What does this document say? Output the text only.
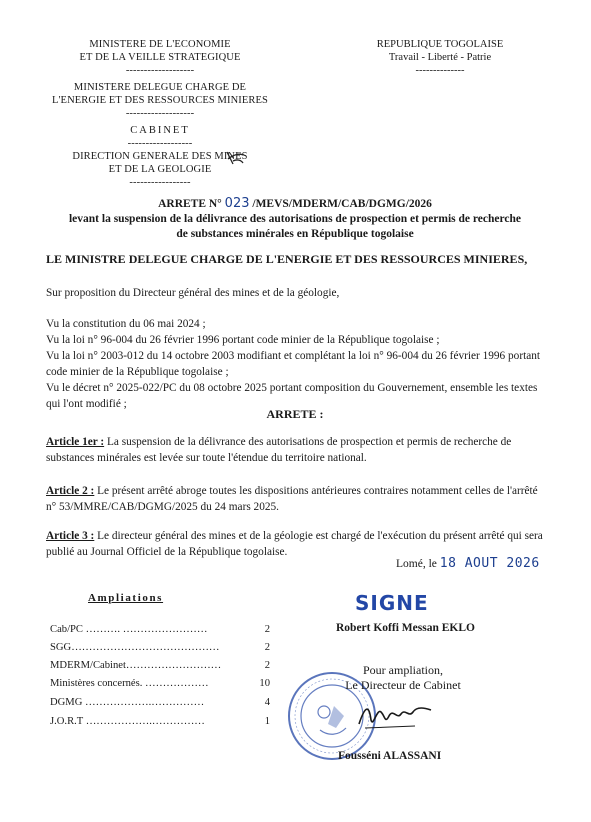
MINISTERE DE L'ECONOMIE
ET DE LA VEILLE STRATEGIQUE
-------------------
MINISTERE DELEGUE CHARGE DE
L'ENERGIE ET DES RESSOURCES MINIERES
-------------------
CABINET
------------------
DIRECTION GENERALE DES MINES
ET DE LA GEOLOGIE
-----------------
REPUBLIQUE TOGOLAISE
Travail - Liberté - Patrie
--------------
ARRETE N° 023 /MEVS/MDERM/CAB/DGMG/2026
levant la suspension de la délivrance des autorisations de prospection et permis de recherche
de substances minérales en République togolaise
LE MINISTRE DELEGUE CHARGE DE L'ENERGIE ET DES RESSOURCES MINIERES,

Sur proposition du Directeur général des mines et de la géologie,

Vu la constitution du 06 mai 2024 ;

Vu la loi n° 96-004 du 26 février 1996 portant code minier de la République togolaise ;

Vu la loi n° 2003-012 du 14 octobre 2003 modifiant et complétant la loi n° 96-004 du 26 février 1996 portant code minier de la République togolaise ;

Vu le décret n° 2025-022/PC du 08 octobre 2025 portant composition du Gouvernement, ensemble les textes qui l'ont modifié ;

ARRETE :

Article 1er : La suspension de la délivrance des autorisations de prospection et permis de recherche de substances minérales est levée sur toute l'étendue du territoire national.

Article 2 : Le présent arrêté abroge toutes les dispositions antérieures contraires notamment celles de l'arrêté n° 53/MMRE/CAB/DGMG/2025 du 24 mars 2025.

Article 3 : Le directeur général des mines et de la géologie est chargé de l'exécution du présent arrêté qui sera publié au Journal Officiel de la République togolaise.

Lomé, le 18 AOUT 2026
SIGNE
Robert Koffi Messan EKLO
Ampliations
Cab/PC ………. ……………………	2
SGG……………………………………	2
MDERM/Cabinet………………………	2
Ministères concernés. ………………	10
DGMG ……………….……………	4
J.O.R.T ……………….……………	1
Pour ampliation,
Le Directeur de Cabinet
Fousséni ALASSANI
